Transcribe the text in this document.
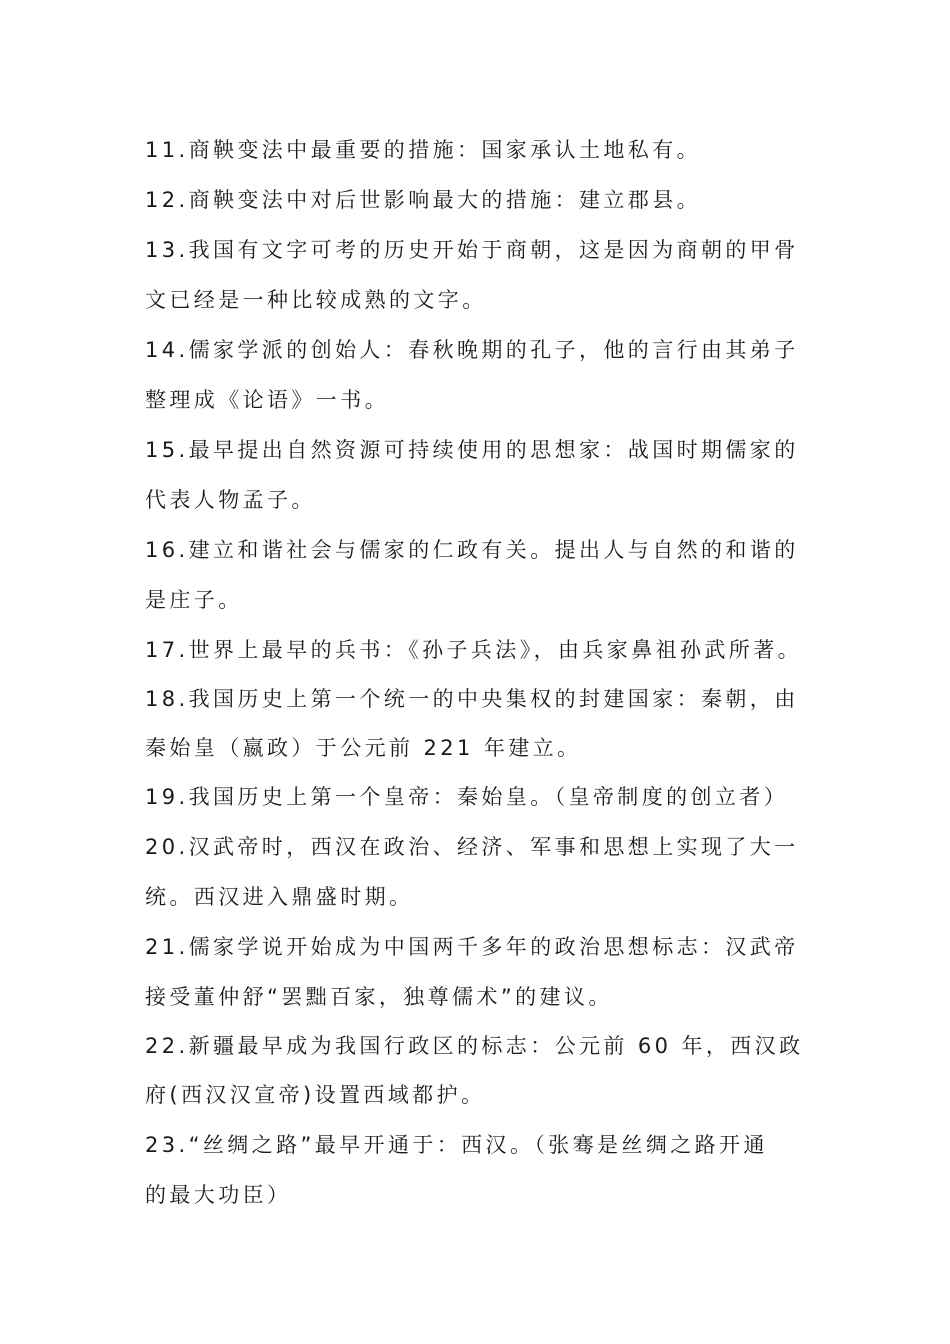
11.商鞅变法中最重要的措施：国家承认土地私有。
12.商鞅变法中对后世影响最大的措施：建立郡县。
13.我国有文字可考的历史开始于商朝，这是因为商朝的甲骨
文已经是一种比较成熟的文字。
14.儒家学派的创始人：春秋晚期的孔子，他的言行由其弟子
整理成《论语》一书。
15.最早提出自然资源可持续使用的思想家：战国时期儒家的
代表人物孟子。
16.建立和谐社会与儒家的仁政有关。提出人与自然的和谐的
是庄子。
17.世界上最早的兵书：《孙子兵法》，由兵家鼻祖孙武所著。
18.我国历史上第一个统一的中央集权的封建国家：秦朝，由
秦始皇（嬴政）于公元前 221 年建立。
19.我国历史上第一个皇帝：秦始皇。（皇帝制度的创立者）
20.汉武帝时，西汉在政治、经济、军事和思想上实现了大一
统。西汉进入鼎盛时期。
21.儒家学说开始成为中国两千多年的政治思想标志：汉武帝
接受董仲舒“罢黜百家，独尊儒术”的建议。
22.新疆最早成为我国行政区的标志：公元前 60 年，西汉政
府(西汉汉宣帝)设置西域都护。
23.“丝绸之路”最早开通于：西汉。（张骞是丝绸之路开通
的最大功臣）
